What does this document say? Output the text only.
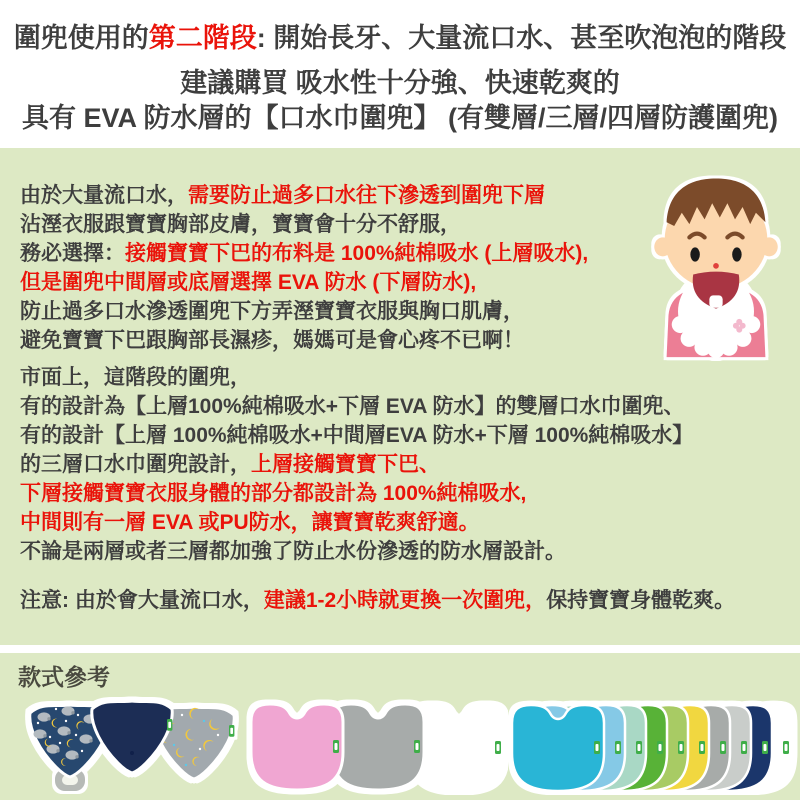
圍兜使用的第二階段: 開始長牙、大量流口水、甚至吹泡泡的階段
建議購買 吸水性十分強、快速乾爽的
具有 EVA 防水層的【口水巾圍兜】 (有雙層/三層/四層防護圍兜)
由於大量流口水，需要防止過多口水往下滲透到圍兜下層
沾溼衣服跟寶寶胸部皮膚，寶寶會十分不舒服，
務必選擇：接觸寶寶下巴的布料是 100%純棉吸水 (上層吸水),
但是圍兜中間層或底層選擇 EVA 防水 (下層防水),
防止過多口水滲透圍兜下方弄溼寶寶衣服與胸口肌膚，
避免寶寶下巴跟胸部長濕疹，媽媽可是會心疼不已啊！
市面上，這階段的圍兜，
有的設計為【上層100%純棉吸水+下層 EVA 防水】的雙層口水巾圍兜、
有的設計【上層 100%純棉吸水+中間層EVA 防水+下層 100%純棉吸水】
的三層口水巾圍兜設計，上層接觸寶寶下巴、
下層接觸寶寶衣服身體的部分都設計為 100%純棉吸水,
中間則有一層 EVA 或PU防水，讓寶寶乾爽舒適。
不論是兩層或者三層都加強了防止水份滲透的防水層設計。
注意: 由於會大量流口水，建議1-2小時就更換一次圍兜，保持寶寶身體乾爽。
款式參考
